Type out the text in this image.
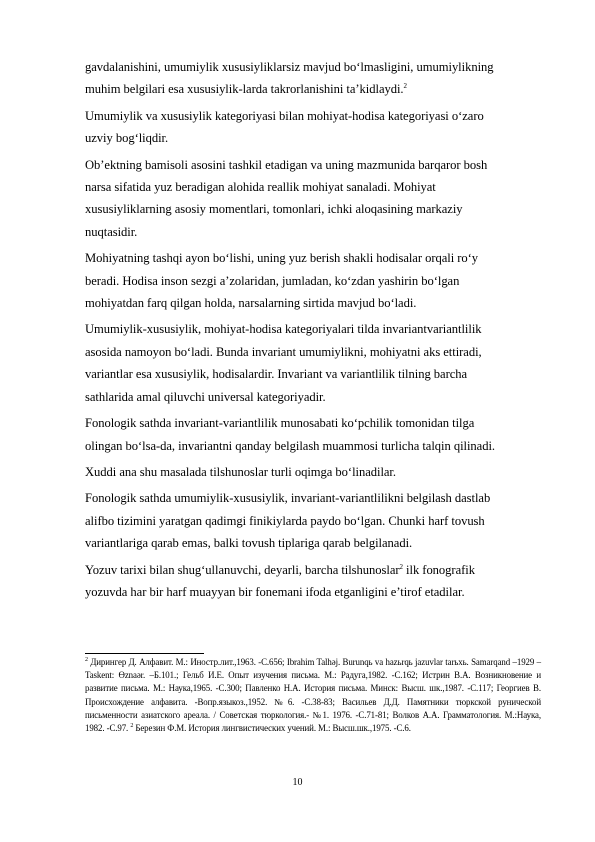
gavdalanishini, umumiylik xususiyliklarsiz mavjud bo‘lmasligini, umumiylikning
muhim belgilari esa xususiylik-larda takrorlanishini ta’kidlaydi.$^2$

Umumiylik va xususiylik kategoriyasi bilan mohiyat-hodisa kategoriyasi o‘zaro
uzviy bog‘liqdir.

Ob’ektning bamisoli asosini tashkil etadigan va uning mazmunida barqaror bosh
narsa sifatida yuz beradigan alohida reallik mohiyat sanaladi. Mohiyat
xususiyliklarning asosiy momentlari, tomonlari, ichki aloqasining markaziy
nuqtasidir.

Mohiyatning tashqi ayon bo‘lishi, uning yuz berish shakli hodisalar orqali ro‘y
beradi. Hodisa inson sezgi a’zolaridan, jumladan, ko‘zdan yashirin bo‘lgan
mohiyatdan farq qilgan holda, narsalarning sirtida mavjud bo‘ladi.

Umumiylik-xususiylik, mohiyat-hodisa kategoriyalari tilda invariantvariantlilik
asosida namoyon bo‘ladi. Bunda invariant umumiylikni, mohiyatni aks ettiradi,
variantlar esa xususiylik, hodisalardir. Invariant va variantlilik tilning barcha
sathlarida amal qiluvchi universal kategoriyadir.

Fonologik sathda invariant-variantlilik munosabati ko‘pchilik tomonidan tilga
olingan bo‘lsa-da, invariantni qanday belgilash muammosi turlicha talqin qilinadi.

Xuddi ana shu masalada tilshunoslar turli oqimga bo‘linadilar.

Fonologik sathda umumiylik-xususiylik, invariant-variantlilikni belgilash dastlab
alifbo tizimini yaratgan qadimgi finikiylarda paydo bo‘lgan. Chunki harf tovush
variantlariga qarab emas, balki tovush tiplariga qarab belgilanadi.

Yozuv tarixi bilan shug‘ullanuvchi, deyarli, barcha tilshunoslar$^2$ ilk fonografik
yozuvda har bir harf muayyan bir fonemani ifoda etganligini e’tirof etadilar.

$^2$ Дирингер Д. Алфавит. М.: Иностр.лит.,1963. -С.656; Ibrahim Talhəj. Burunqь va hazьrqь jazuvlar tarьxь. Samarqand –1929 – Taskent: Өznaər. –Б.101.; Гельб И.Е. Опыт изучения письма. М.: Радуга,1982. -С.162; Истрин В.А. Возникновение и развитие письма. М.: Наука,1965. -С.300; Павленко Н.А. История письма. Минск: Высш. шк.,1987. -С.117; Георгиев В. Происхождение алфавита. -Вопр.языкоз.,1952. №6. -С.38-83; Васильев Д.Д. Памятники тюркской рунической письменности азиатского ареала. / Советская тюркология.- №1. 1976. -С.71-81; Волков А.А. Грамматология. М.:Наука, 1982. -С.97. $^2$ Березин Ф.М. История лингвистических учений. М.: Высш.шк.,1975. -С.6.
10
